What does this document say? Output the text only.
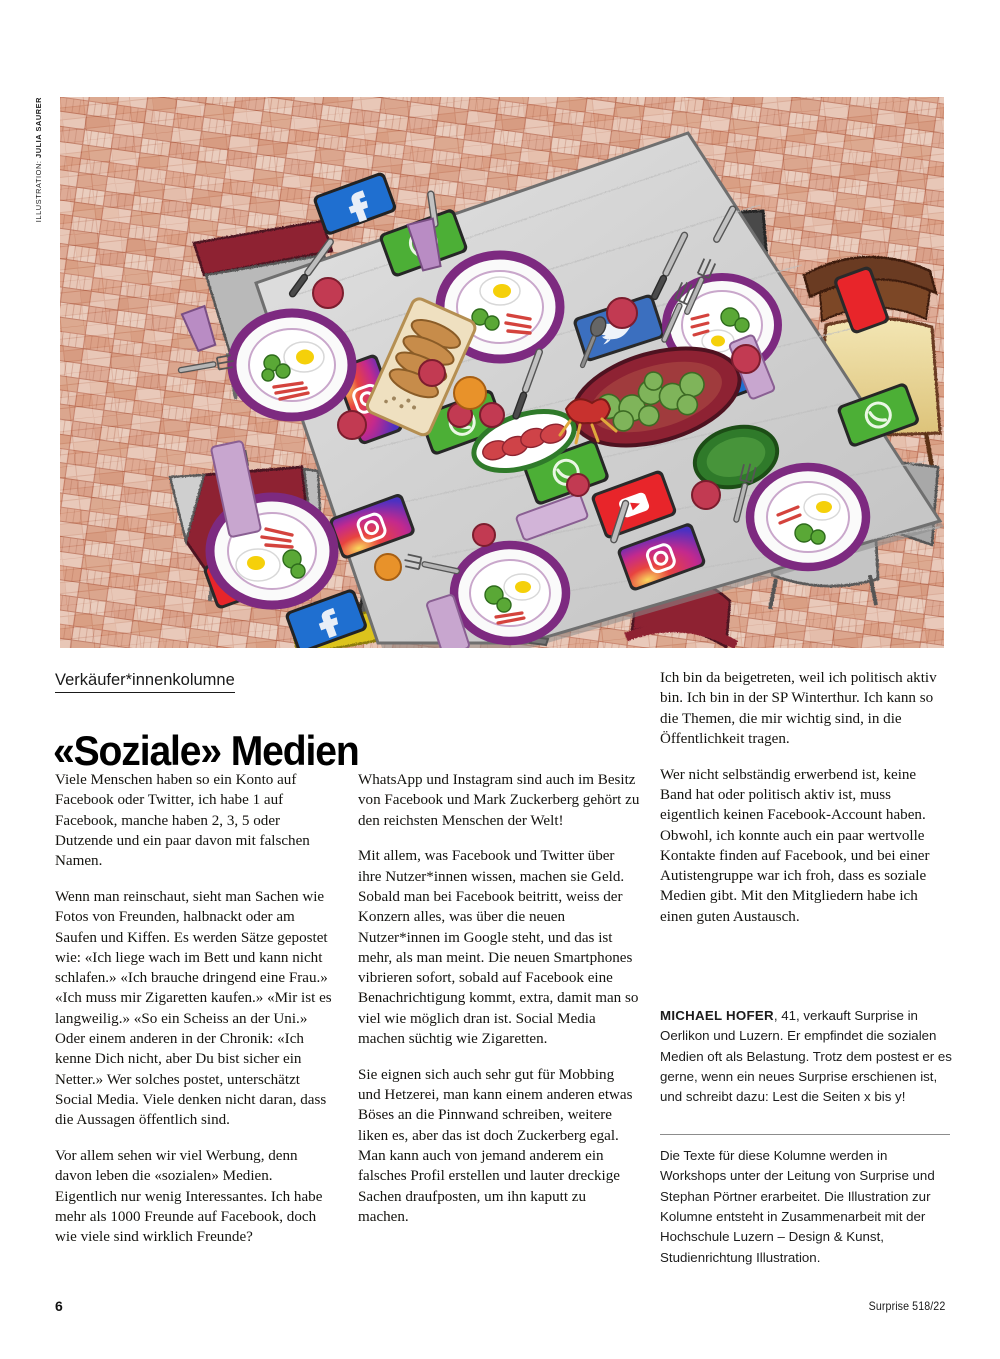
ILLUSTRATION: JULIA SAURER
Verkäufer*innenkolumne
«Soziale» Medien

Viele Menschen haben so ein Konto auf Facebook oder Twitter, ich habe 1 auf Facebook, manche haben 2, 3, 5 oder Dutzende und ein paar davon mit falschen Namen.

Wenn man reinschaut, sieht man Sachen wie Fotos von Freunden, halbnackt oder am Saufen und Kiffen. Es werden Sätze gepostet wie: «Ich liege wach im Bett und kann nicht schlafen.» «Ich brauche dringend eine Frau.» «Ich muss mir Zigaretten kaufen.» «Mir ist es langweilig.» «So ein Scheiss an der Uni.» Oder einem anderen in der Chronik: «Ich kenne Dich nicht, aber Du bist sicher ein Netter.» Wer solches postet, unterschätzt Social Media. Viele denken nicht daran, dass die Aussagen öffentlich sind.

Vor allem sehen wir viel Werbung, denn davon leben die «sozialen» Medien. Eigentlich nur wenig Interessantes. Ich habe mehr als 1000 Freunde auf Facebook, doch wie viele sind wirklich Freunde?

WhatsApp und Instagram sind auch im Besitz von Facebook und Mark Zuckerberg gehört zu den reichsten Menschen der Welt!

Mit allem, was Facebook und Twitter über ihre Nutzer*innen wissen, machen sie Geld. Sobald man bei Facebook beitritt, weiss der Konzern alles, was über die neuen Nutzer*innen im Google steht, und das ist mehr, als man meint. Die neuen Smartphones vibrieren sofort, sobald auf Facebook eine Benachrichtigung kommt, extra, damit man so viel wie möglich dran ist. Social Media machen süchtig wie Zigaretten.

Sie eignen sich auch sehr gut für Mobbing und Hetzerei, man kann einem anderen etwas Böses an die Pinnwand schreiben, weitere liken es, aber das ist doch Zuckerberg egal. Man kann auch von jemand anderem ein falsches Profil erstellen und lauter dreckige Sachen draufposten, um ihn kaputt zu machen.

Ich bin da beigetreten, weil ich politisch aktiv bin. Ich bin in der SP Winterthur. Ich kann so die Themen, die mir wichtig sind, in die Öffentlichkeit tragen.

Wer nicht selbständig erwerbend ist, keine Band hat oder politisch aktiv ist, muss eigentlich keinen Facebook-Account haben. Obwohl, ich konnte auch ein paar wertvolle Kontakte finden auf Facebook, und bei einer Autistengruppe war ich froh, dass es soziale Medien gibt. Mit den Mitgliedern habe ich einen guten Austausch.

MICHAEL HOFER, 41, verkauft Surprise in Oerlikon und Luzern. Er empfindet die sozialen Medien oft als Belastung. Trotz dem postest er es gerne, wenn ein neues Surprise erschienen ist, und schreibt dazu: Lest die Seiten x bis y!
Die Texte für diese Kolumne werden in Workshops unter der Leitung von Surprise und Stephan Pörtner erarbeitet. Die Illustration zur Kolumne entsteht in Zusammenarbeit mit der Hochschule Luzern – Design & Kunst, Studienrichtung Illustration.
6	Surprise 518/22
